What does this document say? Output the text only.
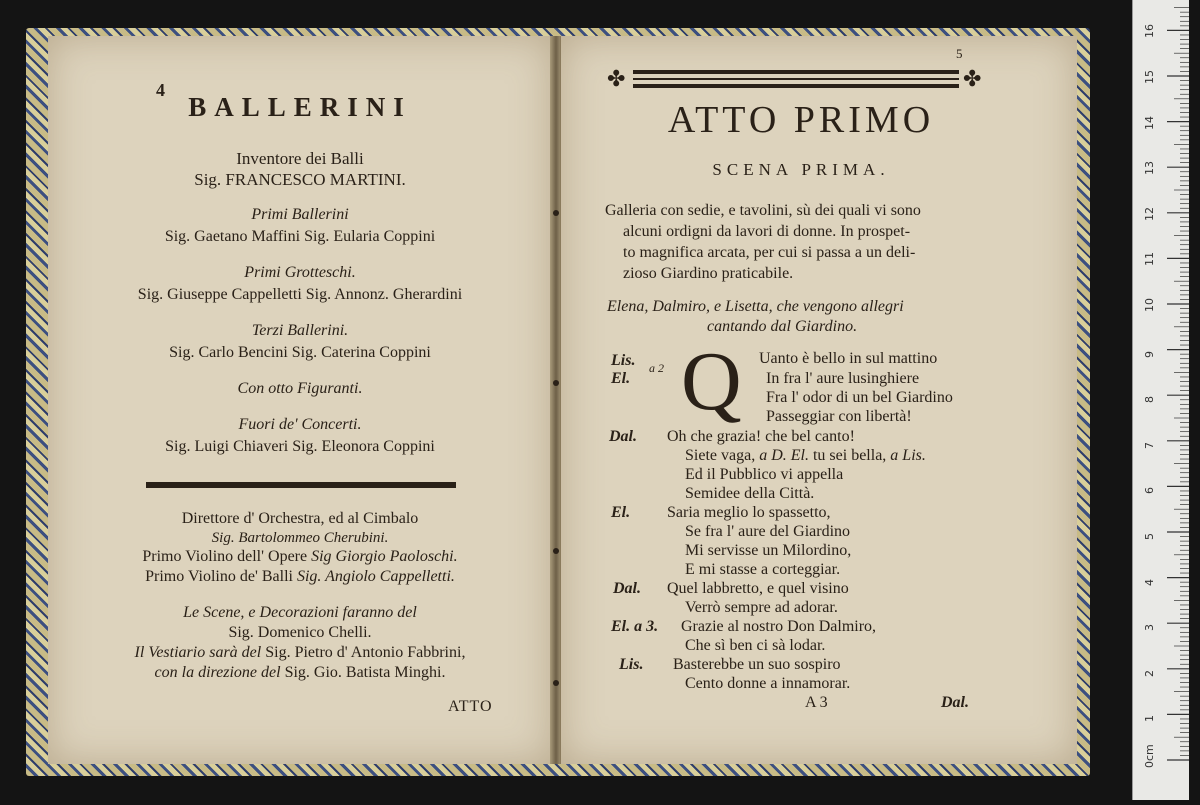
4
BALLERINI
Inventore dei Balli
Sig. FRANCESCO MARTINI.
Primi Ballerini
Sig. Gaetano Maffini Sig. Eularia Coppini
Primi Grotteschi.
Sig. Giuseppe Cappelletti Sig. Annonz. Gherardini
Terzi Ballerini.
Sig. Carlo Bencini Sig. Caterina Coppini
Con otto Figuranti.
Fuori de' Concerti.
Sig. Luigi Chiaveri Sig. Eleonora Coppini
Direttore d' Orchestra, ed al Cimbalo
Sig. Bartolommeo Cherubini.
Primo Violino dell' Opere Sig Giorgio Paoloschi.
Primo Violino de' Balli Sig. Angiolo Cappelletti.
Le Scene, e Decorazioni faranno del
Sig. Domenico Chelli.
Il Vestiario sarà del Sig. Pietro d' Antonio Fabbrini,
con la direzione del Sig. Gio. Batista Minghi.
ATTO
5
✤	✤
ATTO PRIMO
SCENA PRIMA.
Galleria con sedie, e tavolini, sù dei quali vi sono
alcuni ordigni da lavori di donne. In prospet-
to magnifica arcata, per cui si passa a un deli-
zioso Giardino praticabile.
Elena, Dalmiro, e Lisetta, che vengono allegri
cantando dal Giardino.
Lis.
El.
a 2 Q Uanto è bello in sul mattino
In fra l' aure lusinghiere
Fra l' odor di un bel Giardino
Passeggiar con libertà!
Dal. Oh che grazia! che bel canto!
Siete vaga, a D. El. tu sei bella, a Lis.
Ed il Pubblico vi appella
Semidee della Città.
El. Saria meglio lo spassetto,
Se fra l' aure del Giardino
Mi servisse un Milordino,
E mi stasse a corteggiar.
Dal. Quel labbretto, e quel visino
Verrò sempre ad adorar.
El. a 3. Grazie al nostro Don Dalmiro,
Che sì ben ci sà lodar.
Lis. Basterebbe un suo sospiro
Cento donne a innamorar.
A 3	Dal.
0cm
1
2
3
4
5
6
7
8
9
10
11
12
13
14
15
16
